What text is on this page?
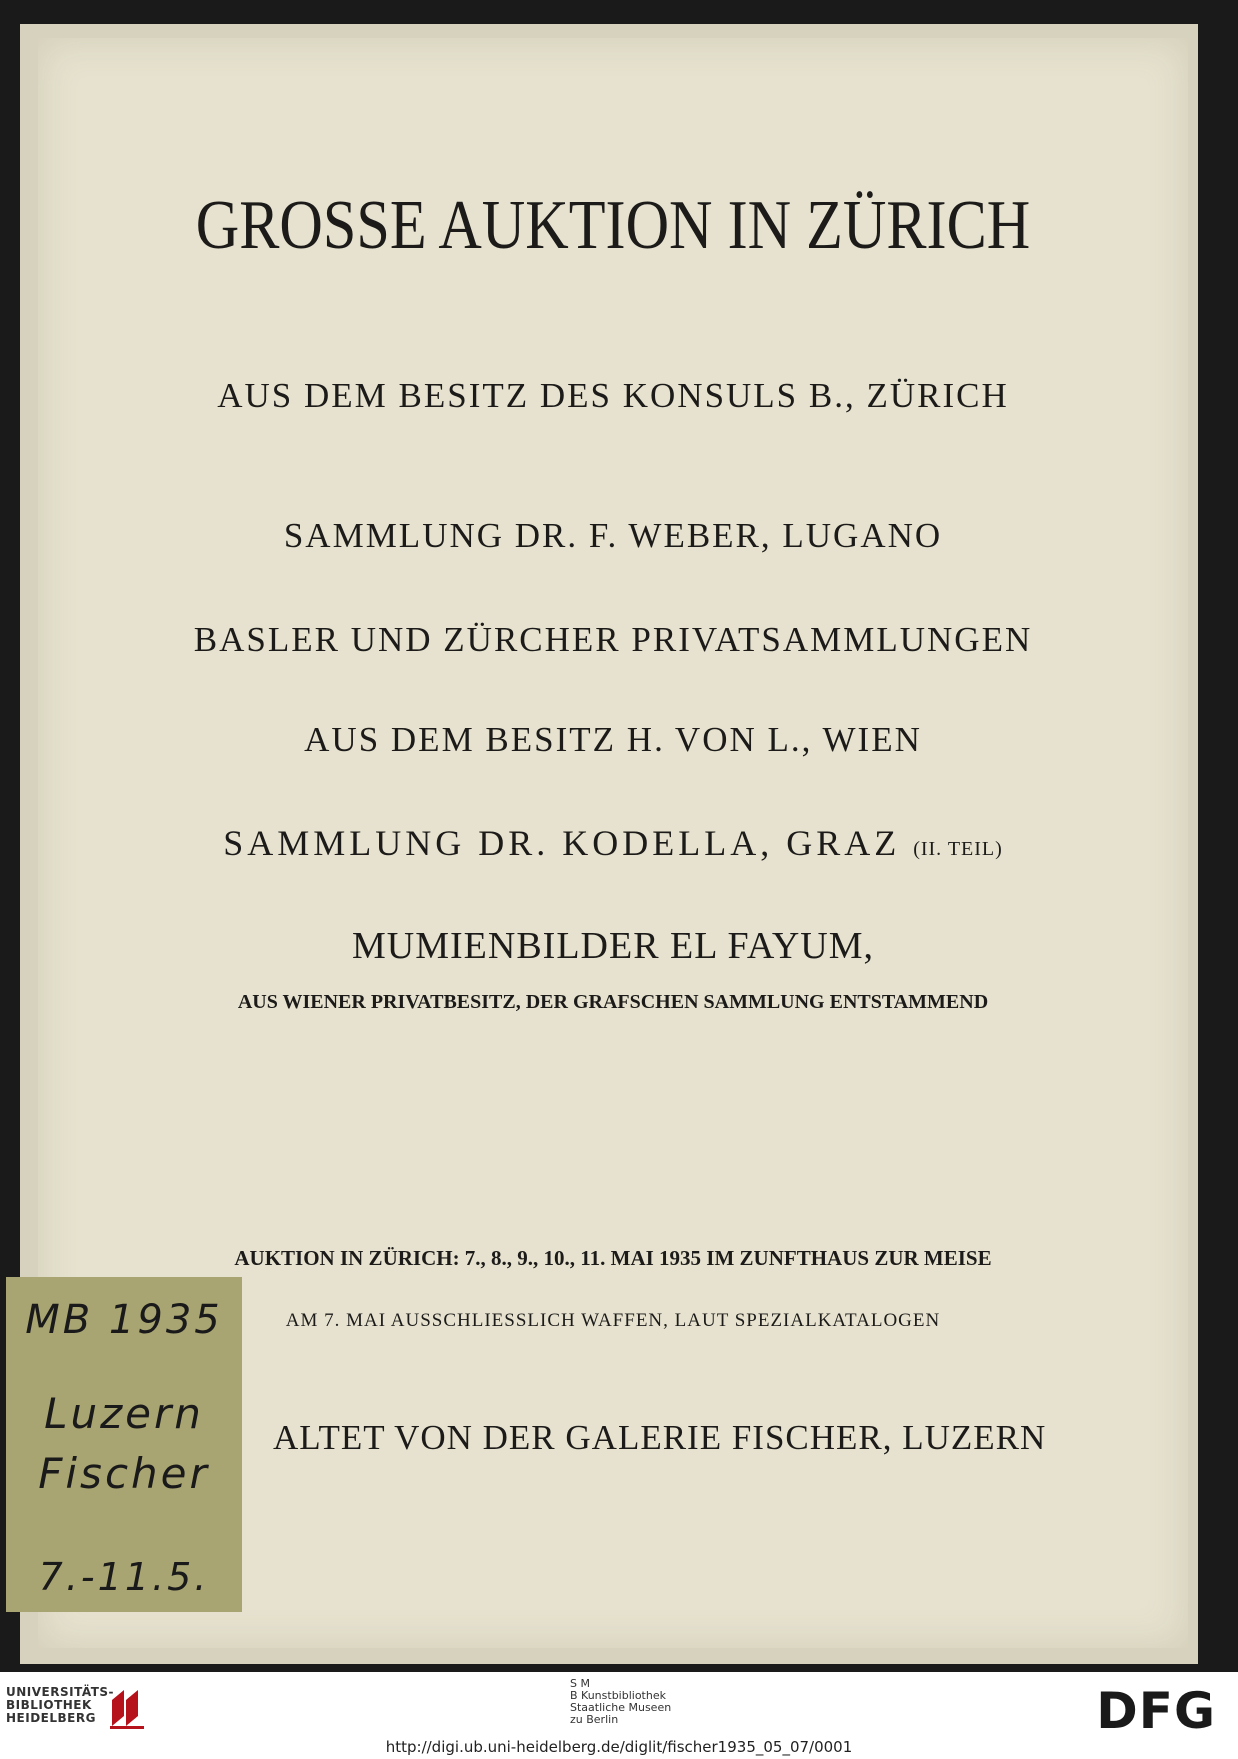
GROSSE AUKTION IN ZÜRICH
AUS DEM BESITZ DES KONSULS B., ZÜRICH
SAMMLUNG DR. F. WEBER, LUGANO
BASLER UND ZÜRCHER PRIVATSAMMLUNGEN
AUS DEM BESITZ H. VON L., WIEN
SAMMLUNG DR. KODELLA, GRAZ (II. TEIL)
MUMIENBILDER EL FAYUM,
AUS WIENER PRIVATBESITZ, DER GRAFSCHEN SAMMLUNG ENTSTAMMEND
AUKTION IN ZÜRICH: 7., 8., 9., 10., 11. MAI 1935 IM ZUNFTHAUS ZUR MEISE
AM 7. MAI AUSSCHLIESSLICH WAFFEN, LAUT SPEZIALKATALOGEN
ALTET VON DER GALERIE FISCHER, LUZERN
MB 1935
Luzern
Fischer
7.-11.5.
UNIVERSITÄTS-
BIBLIOTHEK
HEIDELBERG
S M
B Kunstbibliothek
Staatliche Museen
zu Berlin	DFG
http://digi.ub.uni-heidelberg.de/diglit/fischer1935_05_07/0001
